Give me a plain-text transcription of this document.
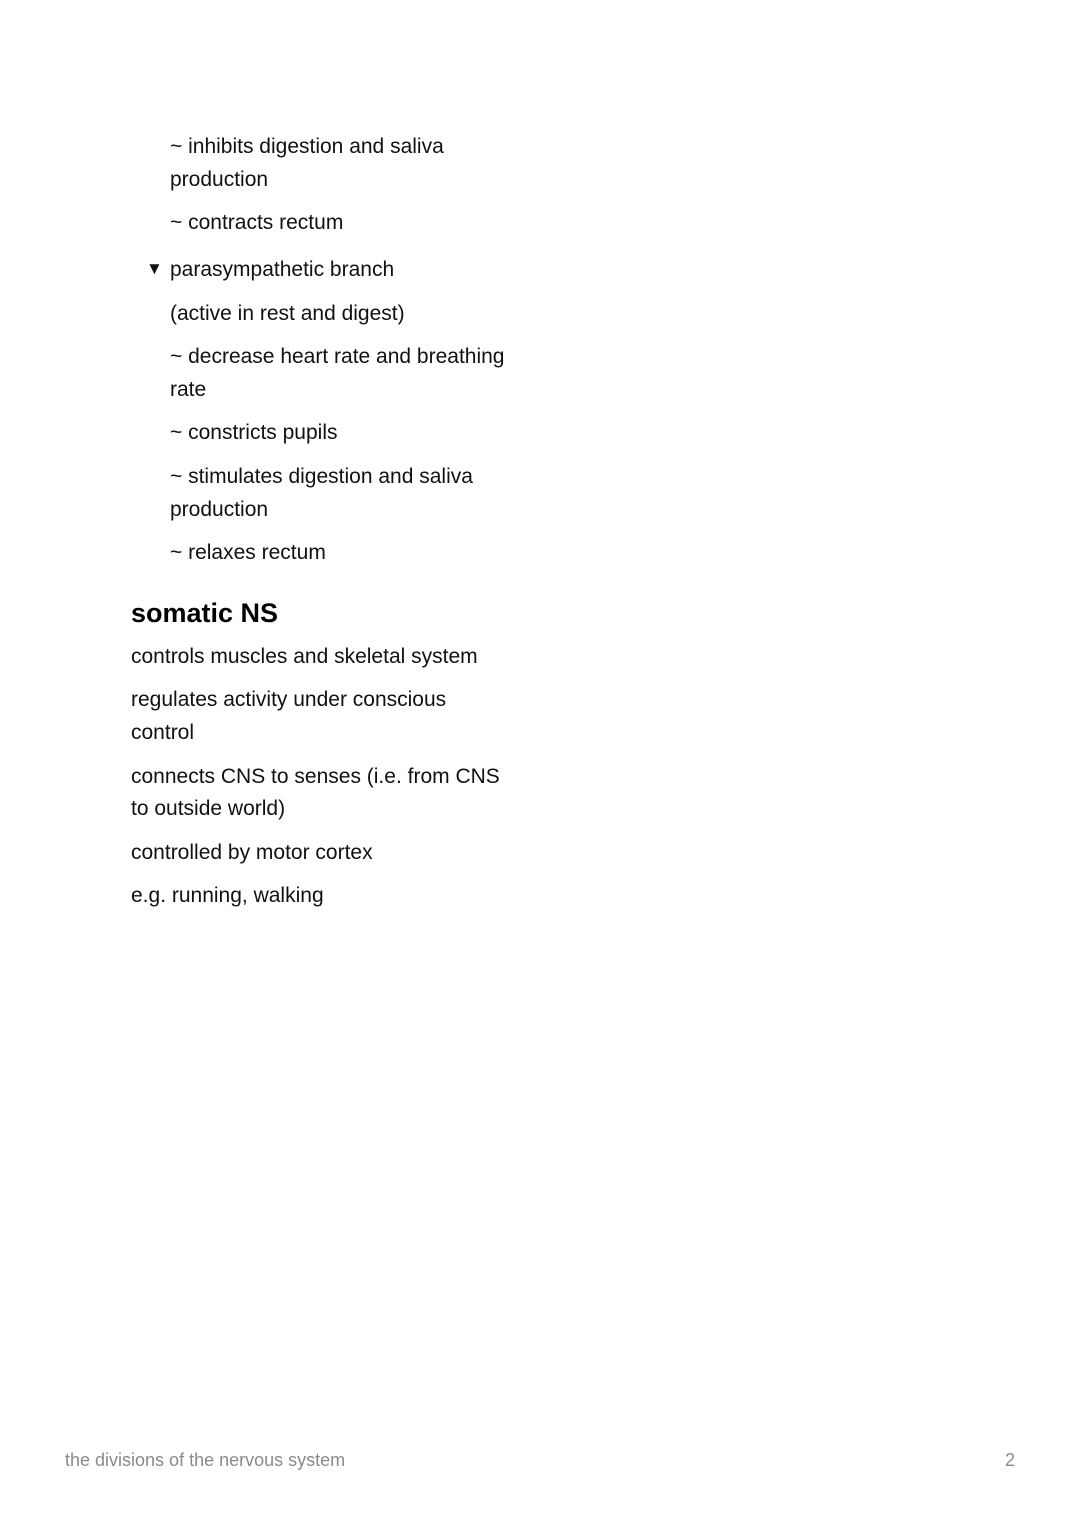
~ inhibits digestion and saliva
production
~ contracts rectum
▼ parasympathetic branch
(active in rest and digest)
~ decrease heart rate and breathing
rate
~ constricts pupils
~ stimulates digestion and saliva
production
~ relaxes rectum
somatic NS
controls muscles and skeletal system
regulates activity under conscious
control
connects CNS to senses (i.e. from CNS
to outside world)
controlled by motor cortex
e.g. running, walking
the divisions of the nervous system	2
